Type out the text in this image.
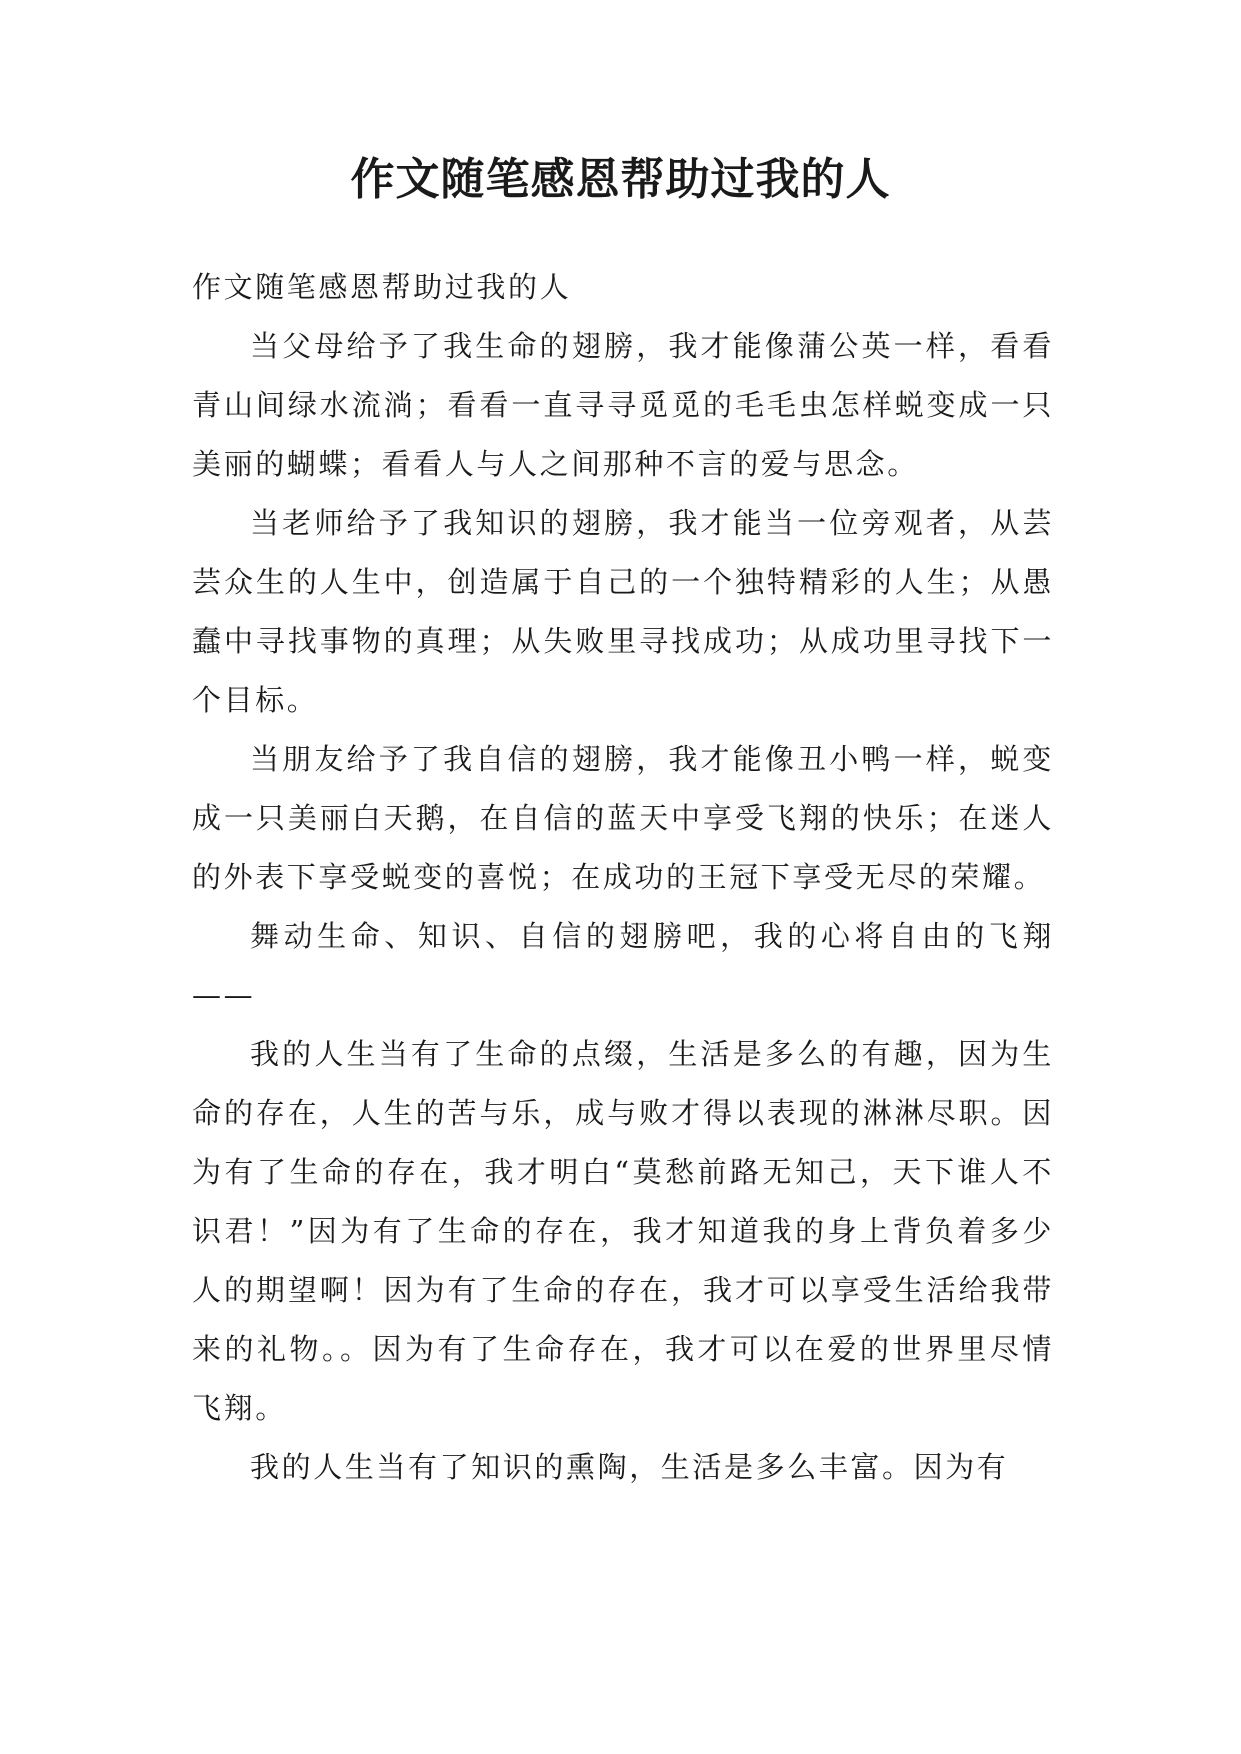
作文随笔感恩帮助过我的人

作文随笔感恩帮助过我的人

当父母给予了我生命的翅膀，我才能像蒲公英一样，看看青山间绿水流淌；看看一直寻寻觅觅的毛毛虫怎样蜕变成一只美丽的蝴蝶；看看人与人之间那种不言的爱与思念。

当老师给予了我知识的翅膀，我才能当一位旁观者，从芸芸众生的人生中，创造属于自己的一个独特精彩的人生；从愚蠢中寻找事物的真理；从失败里寻找成功；从成功里寻找下一个目标。

当朋友给予了我自信的翅膀，我才能像丑小鸭一样，蜕变成一只美丽白天鹅，在自信的蓝天中享受飞翔的快乐；在迷人的外表下享受蜕变的喜悦；在成功的王冠下享受无尽的荣耀。

舞动生命、知识、自信的翅膀吧，我的心将自由的飞翔——

我的人生当有了生命的点缀，生活是多么的有趣，因为生命的存在，人生的苦与乐，成与败才得以表现的淋淋尽职。因为有了生命的存在，我才明白“莫愁前路无知己，天下谁人不识君！”因为有了生命的存在，我才知道我的身上背负着多少人的期望啊！因为有了生命的存在，我才可以享受生活给我带来的礼物。。因为有了生命存在，我才可以在爱的世界里尽情飞翔。

我的人生当有了知识的熏陶，生活是多么丰富。因为有
